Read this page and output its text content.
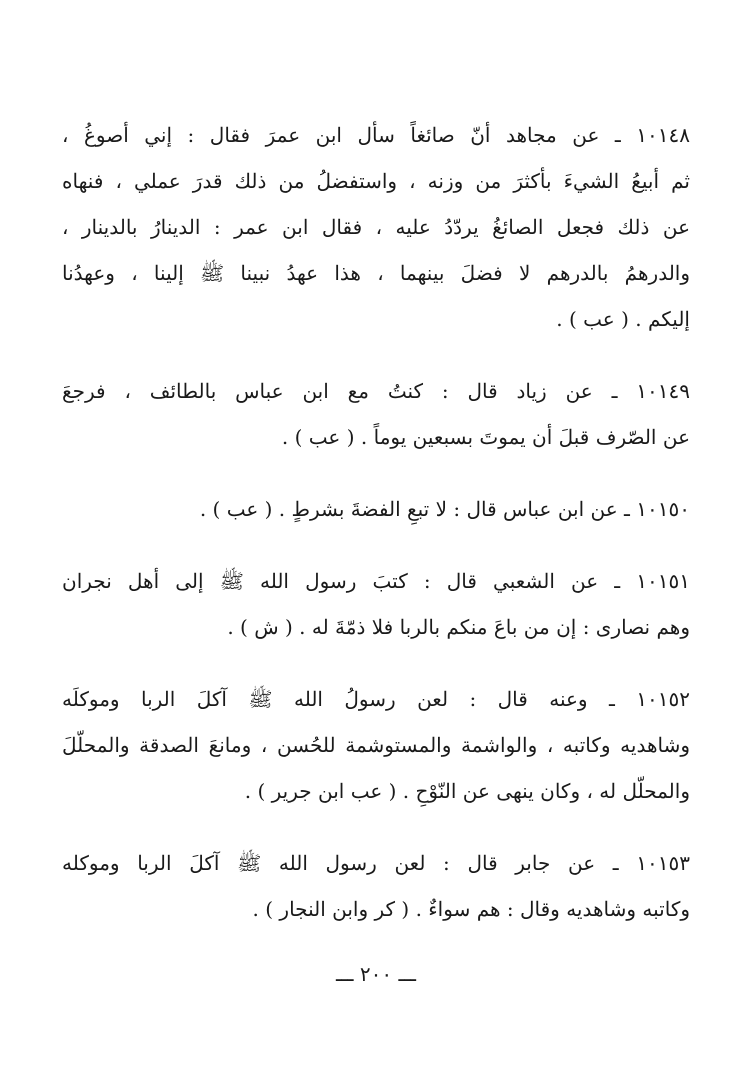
١٠١٤٨ ـ عن مجاهد أنّ صائغاً سأل ابن عمرَ فقال : إني أصوغُ ،
ثم أبيعُ الشيءَ بأكثرَ من وزنه ، واستفضلُ من ذلك قدرَ عملي ، فنهاه
عن ذلك فجعل الصائغُ يردّدُ عليه ، فقال ابن عمر : الدينارُ بالدينار ،
والدرهمُ بالدرهم لا فضلَ بينهما ، هذا عهدُ نبينا ﷺ إلينا ، وعهدُنا
إليكم . ( عب ) .
١٠١٤٩ ـ عن زياد قال : كنتُ مع ابن عباس بالطائف ، فرجعَ
عن الصّرف قبلَ أن يموتَ بسبعين يوماً . ( عب ) .
١٠١٥٠ ـ عن ابن عباس قال : لا تبعِ الفضةَ بشرطٍ . ( عب ) .
١٠١٥١ ـ عن الشعبي قال : كتبَ رسول الله ﷺ إلى أهل نجران
وهم نصارى : إن من باعَ منكم بالربا فلا ذمّةَ له . ( ش ) .
١٠١٥٢ ـ وعنه قال : لعن رسولُ الله ﷺ آكلَ الربا وموكلَه
وشاهديه وكاتبه ، والواشمة والمستوشمة للحُسن ، ومانعَ الصدقة والمحلّلَ
والمحلّل له ، وكان ينهى عن النّوْحِ . ( عب ابن جرير ) .
١٠١٥٣ ـ عن جابر قال : لعن رسول الله ﷺ آكلَ الربا وموكله
وكاتبه وشاهديه وقال : هم سواءٌ . ( كر وابن النجار ) .
ـــ ٢٠٠ ـــ
